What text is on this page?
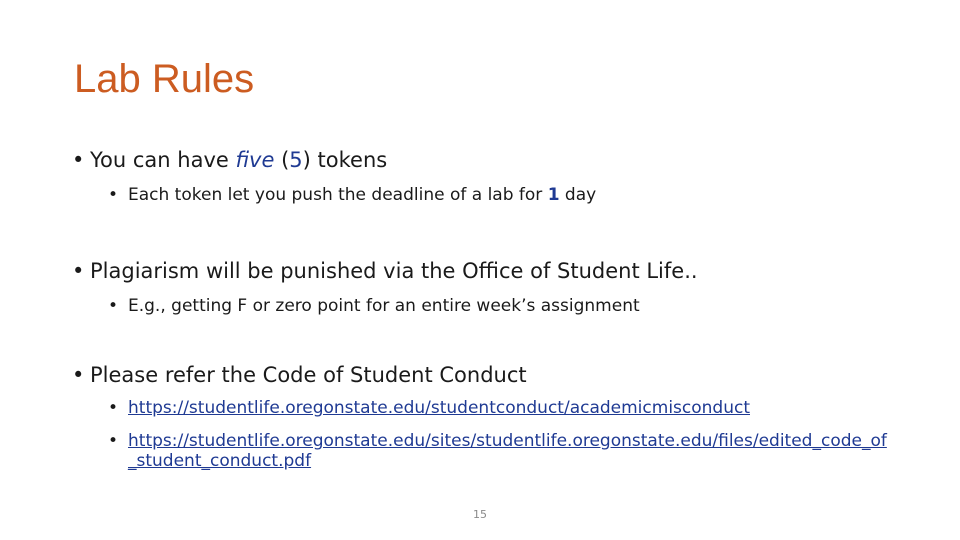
Lab Rules
• You can have five (5) tokens
• Each token let you push the deadline of a lab for 1 day
• Plagiarism will be punished via the Office of Student Life..
• E.g., getting F or zero point for an entire week’s assignment
• Please refer the Code of Student Conduct
• https://studentlife.oregonstate.edu/studentconduct/academicmisconduct
• https://studentlife.oregonstate.edu/sites/studentlife.oregonstate.edu/files/edited_code_of_student_conduct.pdf
15
